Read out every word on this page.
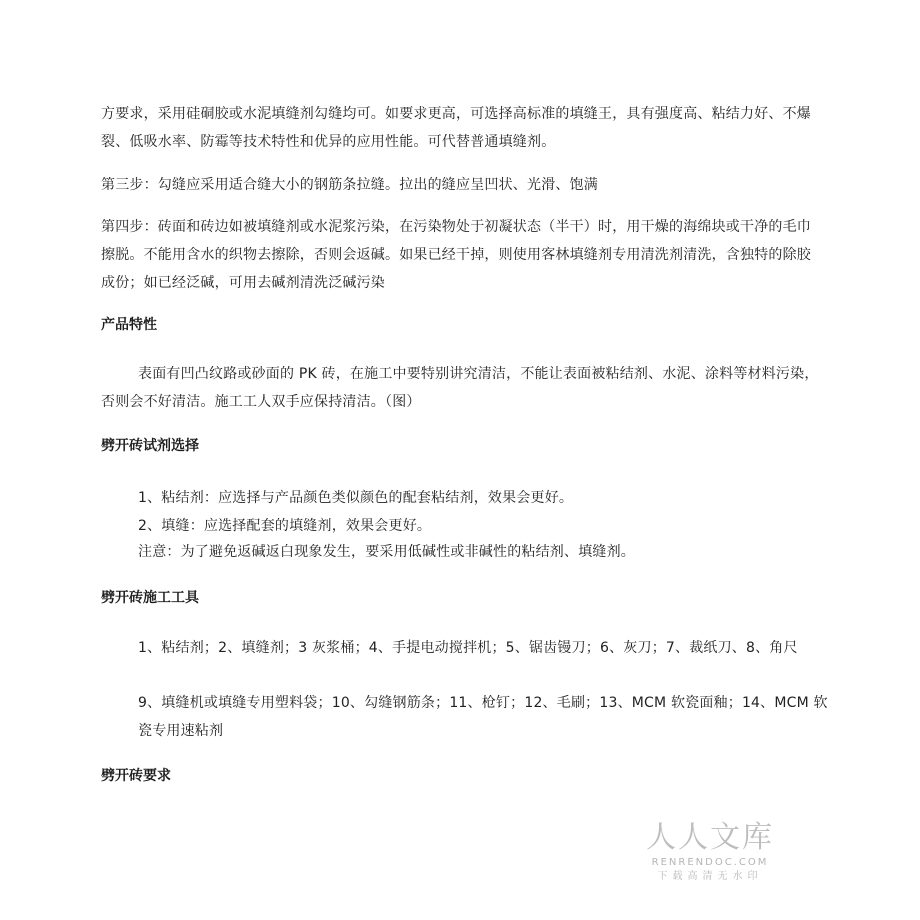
方要求，采用硅硐胶或水泥填缝剂勾缝均可。如要求更高，可选择高标准的填缝王，具有强度高、粘结力好、不爆裂、低吸水率、防霉等技术特性和优异的应用性能。可代替普通填缝剂。

第三步：勾缝应采用适合缝大小的钢筋条拉缝。拉出的缝应呈凹状、光滑、饱满

第四步：砖面和砖边如被填缝剂或水泥浆污染，在污染物处于初凝状态（半干）时，用干燥的海绵块或干净的毛巾擦脱。不能用含水的织物去擦除，否则会返碱。如果已经干掉，则使用客林填缝剂专用清洗剂清洗，含独特的除胶成份；如已经泛碱，可用去碱剂清洗泛碱污染

产品特性

表面有凹凸纹路或砂面的 PK 砖，在施工中要特别讲究清洁，不能让表面被粘结剂、水泥、涂料等材料污染，否则会不好清洁。施工工人双手应保持清洁。（图）

劈开砖试剂选择

1、粘结剂：应选择与产品颜色类似颜色的配套粘结剂，效果会更好。

2、填缝：应选择配套的填缝剂，效果会更好。

注意：为了避免返碱返白现象发生，要采用低碱性或非碱性的粘结剂、填缝剂。

劈开砖施工工具

1、粘结剂；2、填缝剂；3 灰浆桶；4、手提电动搅拌机；5、锯齿镘刀；6、灰刀；7、裁纸刀、8、角尺

9、填缝机或填缝专用塑料袋；10、勾缝钢筋条；11、枪钉；12、毛刷；13、MCM 软瓷面釉；14、MCM 软瓷专用速粘剂

劈开砖要求
人人文库
RENRENDOC.COM
下载高清无水印
